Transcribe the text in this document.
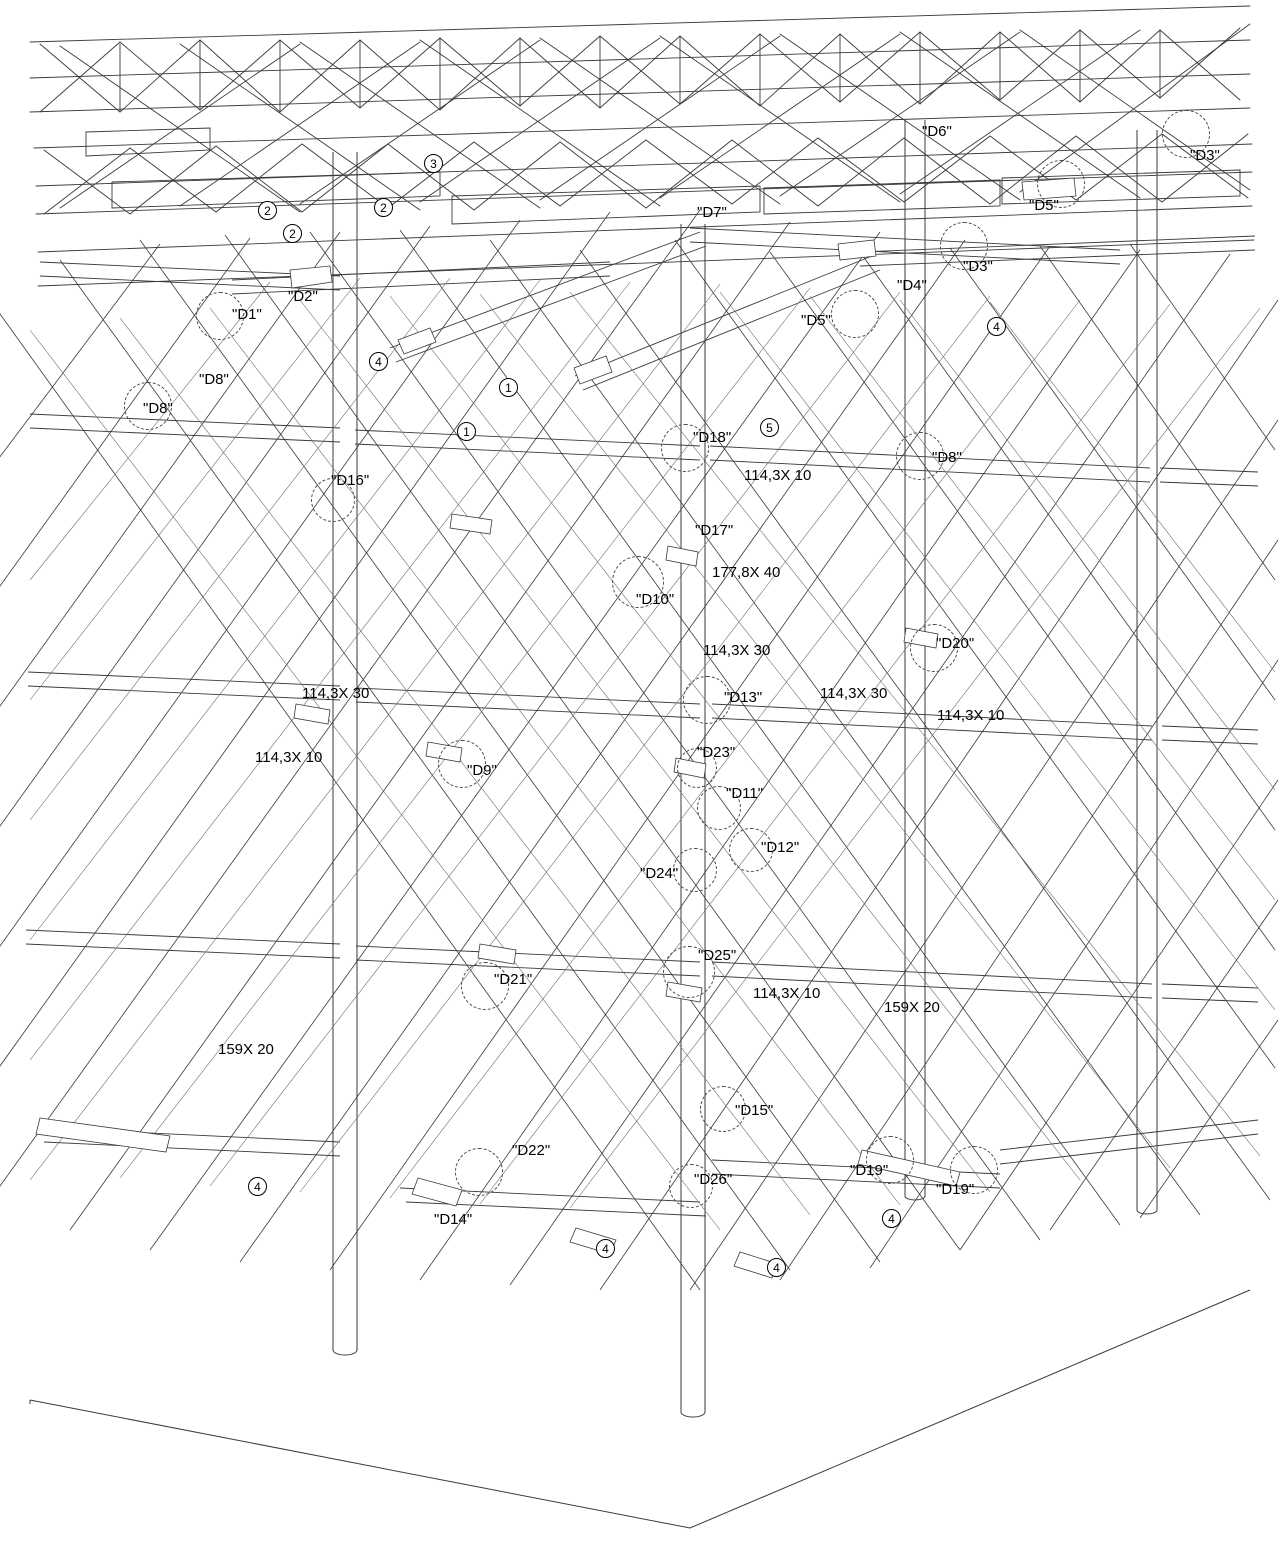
"D6"
"D3"
"D5"
"D7"
"D3"
"D2"
"D4"
"D1"	"D5"
"D8"
"D8"
"D18"
"D8"
"D16"
"D17"
"D10"
"D20"
"D13"
"D9"
"D23"
"D11"
"D12"
"D24"
"D25"
"D21"
"D15"
"D22"
"D19"
"D26"
"D19"
"D14"
114,3X 10
177,8X 40
114,3X 30
114,3X 30	114,3X 30
114,3X 10
114,3X 10
114,3X 10
159X 20
159X 20
3
2	2
2
4
4
1
5
1
4
4
4
4
